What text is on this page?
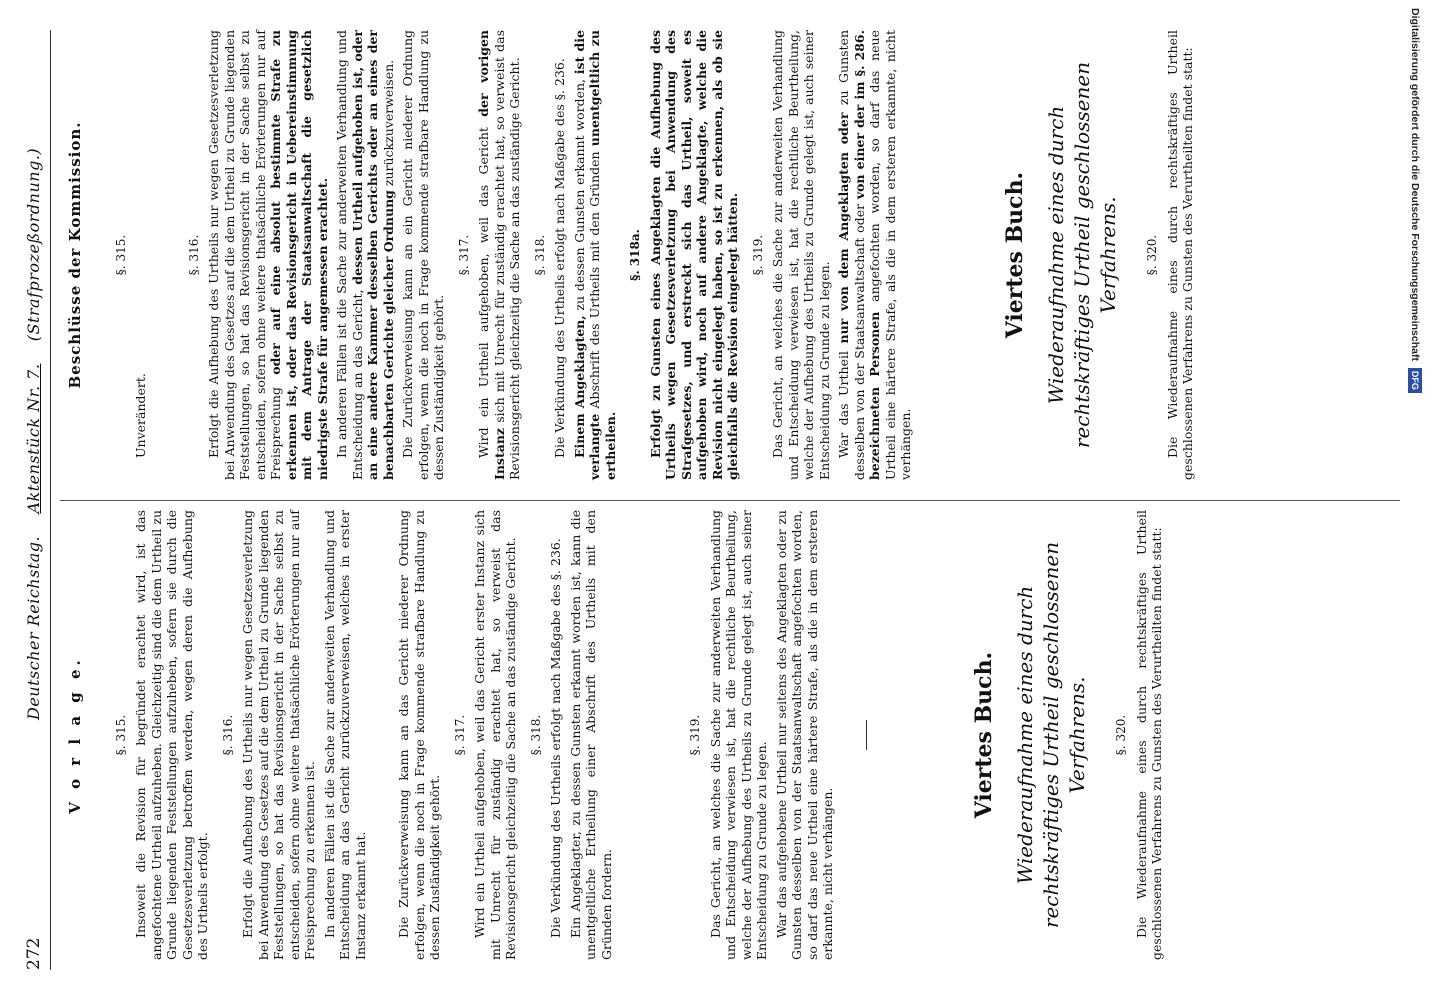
272
Deutscher Reichstag.    Aktenstück Nr. 7.    (Strafprozeßordnung.)
V o r l a g e. §. 315. Insoweit die Revision für begründet erachtet wird, ist das angefochtene Urtheil aufzuheben. Gleichzeitig sind die dem Urtheil zu Grunde liegenden Feststellungen aufzuheben, sofern sie durch die Gesetzesverletzung betroffen werden, wegen deren die Aufhebung des Urtheils erfolgt.

§. 316. Erfolgt die Aufhebung des Urtheils nur wegen Gesetzesverletzung bei Anwendung des Gesetzes auf die dem Urtheil zu Grunde liegenden Feststellungen, so hat das Revisionsgericht in der Sache selbst zu entscheiden, sofern ohne weitere thatsächliche Erörterungen nur auf Freisprechung zu erkennen ist. In anderen Fällen ist die Sache zur anderweiten Verhandlung und Entscheidung an das Gericht zurückzuverweisen, welches in erster Instanz erkannt hat. Die Zurückverweisung kann an das Gericht niederer Ordnung erfolgen, wenn die noch in Frage kommende strafbare Handlung zu dessen Zuständigkeit gehört.

§. 317. Wird ein Urtheil aufgehoben, weil das Gericht erster Instanz sich mit Unrecht für zuständig erachtet hat, so verweist das Revisionsgericht gleichzeitig die Sache an das zuständige Gericht. §. 318. Die Verkündung des Urtheils erfolgt nach Maßgabe des §. 236. Ein Angeklagter, zu dessen Gunsten erkannt worden ist, kann die unentgeltliche Ertheilung einer Abschrift des Urtheils mit den Gründen fordern.

§. 319. Das Gericht, an welches die Sache zur anderweiten Verhandlung und Entscheidung verwiesen ist, hat die rechtliche Beurtheilung, welche der Aufhebung des Urtheils zu Grunde gelegt ist, auch seiner Entscheidung zu Grunde zu legen. War das aufgehobene Urtheil nur seitens des Angeklagten oder zu Gunsten desselben von der Staatsanwaltschaft angefochten worden, so darf das neue Urtheil eine härtere Strafe, als die in dem ersteren erkannte, nicht verhängen.

Viertes Buch. Wiederaufnahme eines durch rechtskräftiges Urtheil geschlossenen Verfahrens. §. 320. Die Wiederaufnahme eines durch rechtskräftiges Urtheil geschlossenen Verfahrens zu Gunsten des Verurtheilten findet statt:

Beschlüsse der Kommission. §. 315.

Unverändert.

§. 316. Erfolgt die Aufhebung des Urtheils nur wegen Gesetzesverletzung bei Anwendung des Gesetzes auf die dem Urtheil zu Grunde liegenden Feststellungen, so hat das Revisionsgericht in der Sache selbst zu entscheiden, sofern ohne weitere thatsächliche Erörterungen nur auf Freisprechung oder auf eine absolut bestimmte Strafe zu erkennen ist, oder das Revisionsgericht in Uebereinstimmung mit dem Antrage der Staatsanwaltschaft die gesetzlich niedrigste Strafe für angemessen erachtet. In anderen Fällen ist die Sache zur anderweiten Verhandlung und Entscheidung an das Gericht, dessen Urtheil aufgehoben ist, oder an eine andere Kammer desselben Gerichts oder an eines der benachbarten Gerichte gleicher Ordnung zurückzuverweisen. Die Zurückverweisung kann an ein Gericht niederer Ordnung erfolgen, wenn die noch in Frage kommende strafbare Handlung zu dessen Zuständigkeit gehört.

§. 317. Wird ein Urtheil aufgehoben, weil das Gericht der vorigen Instanz sich mit Unrecht für zuständig erachtet hat, so verweist das Revisionsgericht gleichzeitig die Sache an das zuständige Gericht. §. 318. Die Verkündung des Urtheils erfolgt nach Maßgabe des §. 236. Einem Angeklagten, zu dessen Gunsten erkannt worden, ist die verlangte Abschrift des Urtheils mit den Gründen unentgeltlich zu ertheilen.

§. 318a. Erfolgt zu Gunsten eines Angeklagten die Aufhebung des Urtheils wegen Gesetzesverletzung bei Anwendung des Strafgesetzes, und erstreckt sich das Urtheil, soweit es aufgehoben wird, noch auf andere Angeklagte, welche die Revision nicht eingelegt haben, so ist zu erkennen, als ob sie gleichfalls die Revision eingelegt hätten. §. 319. Das Gericht, an welches die Sache zur anderweiten Verhandlung und Entscheidung verwiesen ist, hat die rechtliche Beurtheilung, welche der Aufhebung des Urtheils zu Grunde gelegt ist, auch seiner Entscheidung zu Grunde zu legen. War das Urtheil nur von dem Angeklagten oder zu Gunsten desselben von der Staatsanwaltschaft oder von einer der im §. 286. bezeichneten Personen angefochten worden, so darf das neue Urtheil eine härtere Strafe, als die in dem ersteren erkannte, nicht verhängen.

Viertes Buch. Wiederaufnahme eines durch rechtskräftiges Urtheil geschlossenen Verfahrens. §. 320. Die Wiederaufnahme eines durch rechtskräftiges Urtheil geschlossenen Verfahrens zu Gunsten des Verurtheilten findet statt:	Digitalisierung gefördert durch die Deutsche Forschungsgemeinschaft DFG
